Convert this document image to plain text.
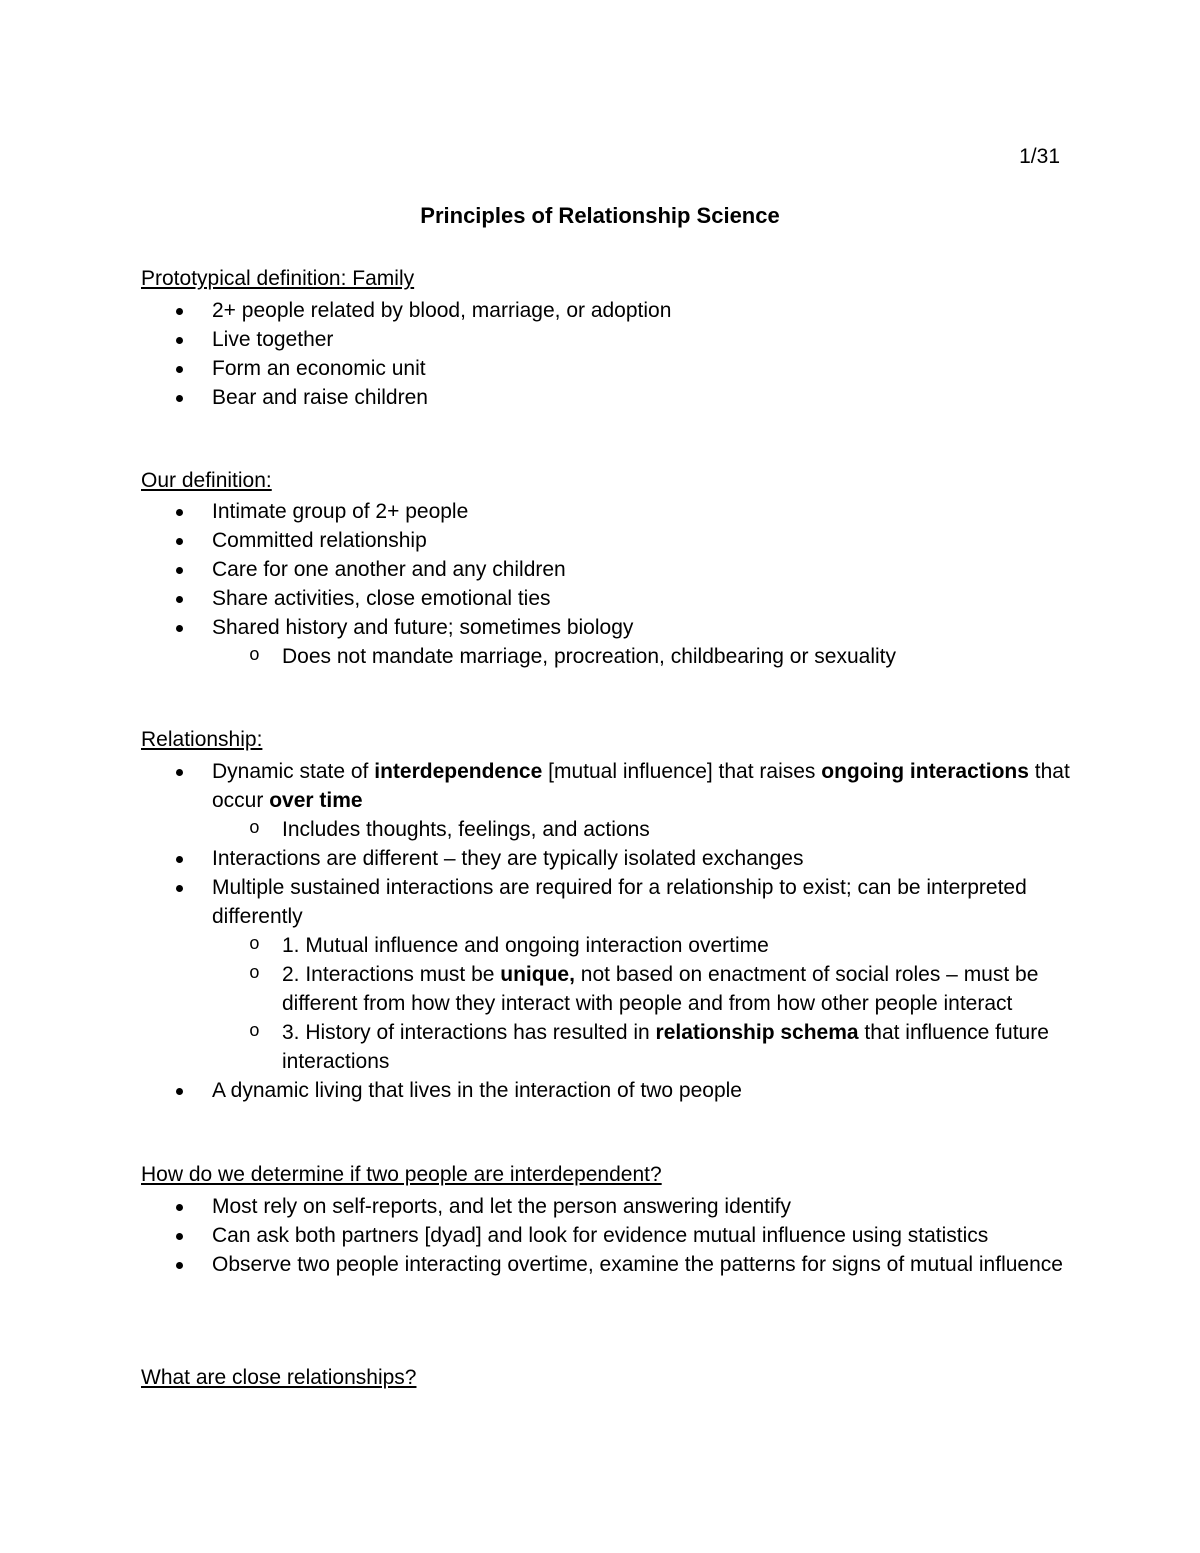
1/31
Principles of Relationship Science
Prototypical definition: Family
2+ people related by blood, marriage, or adoption
Live together
Form an economic unit
Bear and raise children
Our definition:
Intimate group of 2+ people
Committed relationship
Care for one another and any children
Share activities, close emotional ties
Shared history and future; sometimes biology
o Does not mandate marriage, procreation, childbearing or sexuality
Relationship:
Dynamic state of interdependence [mutual influence] that raises ongoing interactions that occur over time
o Includes thoughts, feelings, and actions
Interactions are different – they are typically isolated exchanges
Multiple sustained interactions are required for a relationship to exist; can be interpreted differently
o 1. Mutual influence and ongoing interaction overtime
o 2. Interactions must be unique, not based on enactment of social roles – must be different from how they interact with people and from how other people interact
o 3. History of interactions has resulted in relationship schema that influence future interactions
A dynamic living that lives in the interaction of two people
How do we determine if two people are interdependent?
Most rely on self-reports, and let the person answering identify
Can ask both partners [dyad] and look for evidence mutual influence using statistics
Observe two people interacting overtime, examine the patterns for signs of mutual influence
What are close relationships?
